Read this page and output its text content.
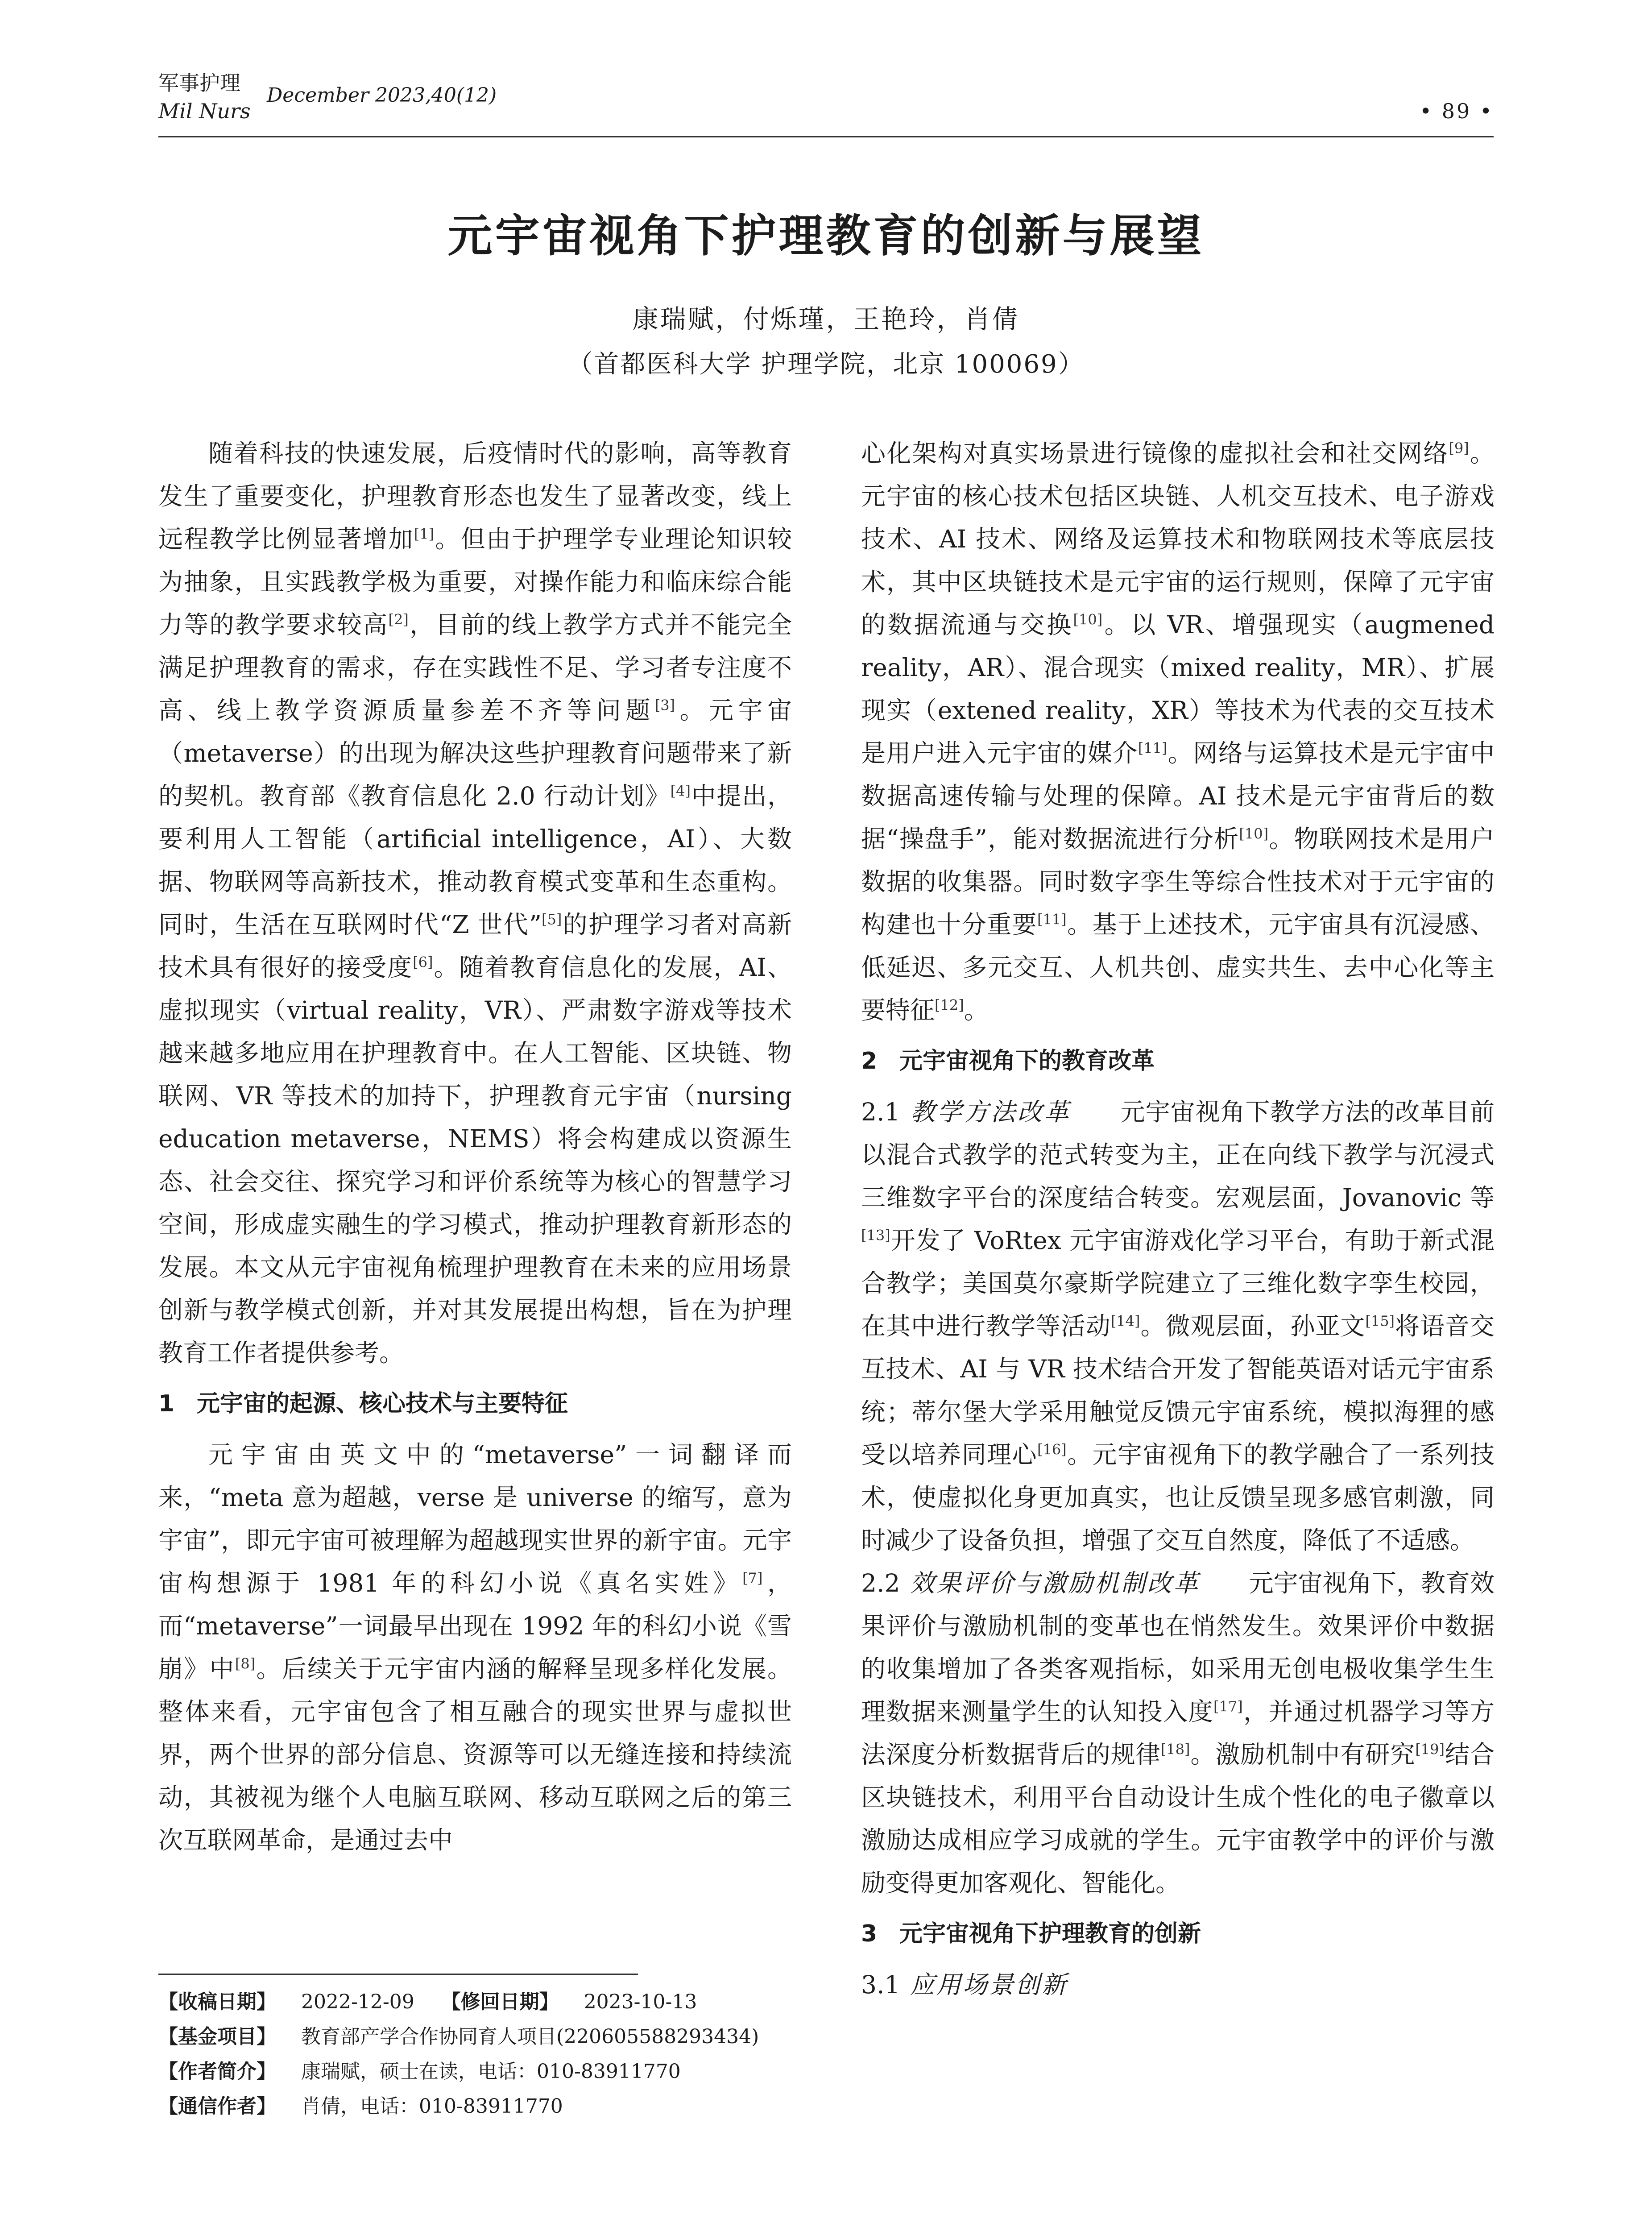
军事护理
Mil Nurs
December 2023,40(12)
• 89 •
元宇宙视角下护理教育的创新与展望
康瑞赋，付烁瑾，王艳玲，肖倩
（首都医科大学 护理学院，北京 100069）

随着科技的快速发展，后疫情时代的影响，高等教育发生了重要变化，护理教育形态也发生了显著改变，线上远程教学比例显著增加[1]。但由于护理学专业理论知识较为抽象，且实践教学极为重要，对操作能力和临床综合能力等的教学要求较高[2]，目前的线上教学方式并不能完全满足护理教育的需求，存在实践性不足、学习者专注度不高、线上教学资源质量参差不齐等问题[3]。元宇宙（metaverse）的出现为解决这些护理教育问题带来了新的契机。教育部《教育信息化 2.0 行动计划》[4]中提出，要利用人工智能（artificial intelligence，AI）、大数据、物联网等高新技术，推动教育模式变革和生态重构。同时，生活在互联网时代“Z 世代”[5]的护理学习者对高新技术具有很好的接受度[6]。随着教育信息化的发展，AI、虚拟现实（virtual reality，VR）、严肃数字游戏等技术越来越多地应用在护理教育中。在人工智能、区块链、物联网、VR 等技术的加持下，护理教育元宇宙（nursing education metaverse，NEMS）将会构建成以资源生态、社会交往、探究学习和评价系统等为核心的智慧学习空间，形成虚实融生的学习模式，推动护理教育新形态的发展。本文从元宇宙视角梳理护理教育在未来的应用场景创新与教学模式创新，并对其发展提出构想，旨在为护理教育工作者提供参考。

1 元宇宙的起源、核心技术与主要特征

元宇宙由英文中的“metaverse”一词翻译而来，“meta 意为超越，verse 是 universe 的缩写，意为宇宙”，即元宇宙可被理解为超越现实世界的新宇宙。元宇宙构想源于 1981 年的科幻小说《真名实姓》[7]，而“metaverse”一词最早出现在 1992 年的科幻小说《雪崩》中[8]。后续关于元宇宙内涵的解释呈现多样化发展。整体来看，元宇宙包含了相互融合的现实世界与虚拟世界，两个世界的部分信息、资源等可以无缝连接和持续流动，其被视为继个人电脑互联网、移动互联网之后的第三次互联网革命，是通过去中

心化架构对真实场景进行镜像的虚拟社会和社交网络[9]。元宇宙的核心技术包括区块链、人机交互技术、电子游戏技术、AI 技术、网络及运算技术和物联网技术等底层技术，其中区块链技术是元宇宙的运行规则，保障了元宇宙的数据流通与交换[10]。以 VR、增强现实（augmened reality，AR）、混合现实（mixed reality，MR）、扩展现实（extened reality，XR）等技术为代表的交互技术是用户进入元宇宙的媒介[11]。网络与运算技术是元宇宙中数据高速传输与处理的保障。AI 技术是元宇宙背后的数据“操盘手”，能对数据流进行分析[10]。物联网技术是用户数据的收集器。同时数字孪生等综合性技术对于元宇宙的构建也十分重要[11]。基于上述技术，元宇宙具有沉浸感、低延迟、多元交互、人机共创、虚实共生、去中心化等主要特征[12]。

2 元宇宙视角下的教育改革

2.1 教学方法改革   元宇宙视角下教学方法的改革目前以混合式教学的范式转变为主，正在向线下教学与沉浸式三维数字平台的深度结合转变。宏观层面，Jovanovic 等[13]开发了 VoRtex 元宇宙游戏化学习平台，有助于新式混合教学；美国莫尔豪斯学院建立了三维化数字孪生校园，在其中进行教学等活动[14]。微观层面，孙亚文[15]将语音交互技术、AI 与 VR 技术结合开发了智能英语对话元宇宙系统；蒂尔堡大学采用触觉反馈元宇宙系统，模拟海狸的感受以培养同理心[16]。元宇宙视角下的教学融合了一系列技术，使虚拟化身更加真实，也让反馈呈现多感官刺激，同时减少了设备负担，增强了交互自然度，降低了不适感。

2.2 效果评价与激励机制改革   元宇宙视角下，教育效果评价与激励机制的变革也在悄然发生。效果评价中数据的收集增加了各类客观指标，如采用无创电极收集学生生理数据来测量学生的认知投入度[17]，并通过机器学习等方法深度分析数据背后的规律[18]。激励机制中有研究[19]结合区块链技术，利用平台自动设计生成个性化的电子徽章以激励达成相应学习成就的学生。元宇宙教学中的评价与激励变得更加客观化、智能化。

3 元宇宙视角下护理教育的创新

3.1 应用场景创新

【收稿日期】	2022-12-09 【修回日期】	2023-10-13
【基金项目】	教育部产学合作协同育人项目(220605588293434)
【作者简介】	康瑞赋，硕士在读，电话：010-83911770
【通信作者】	肖倩，电话：010-83911770
